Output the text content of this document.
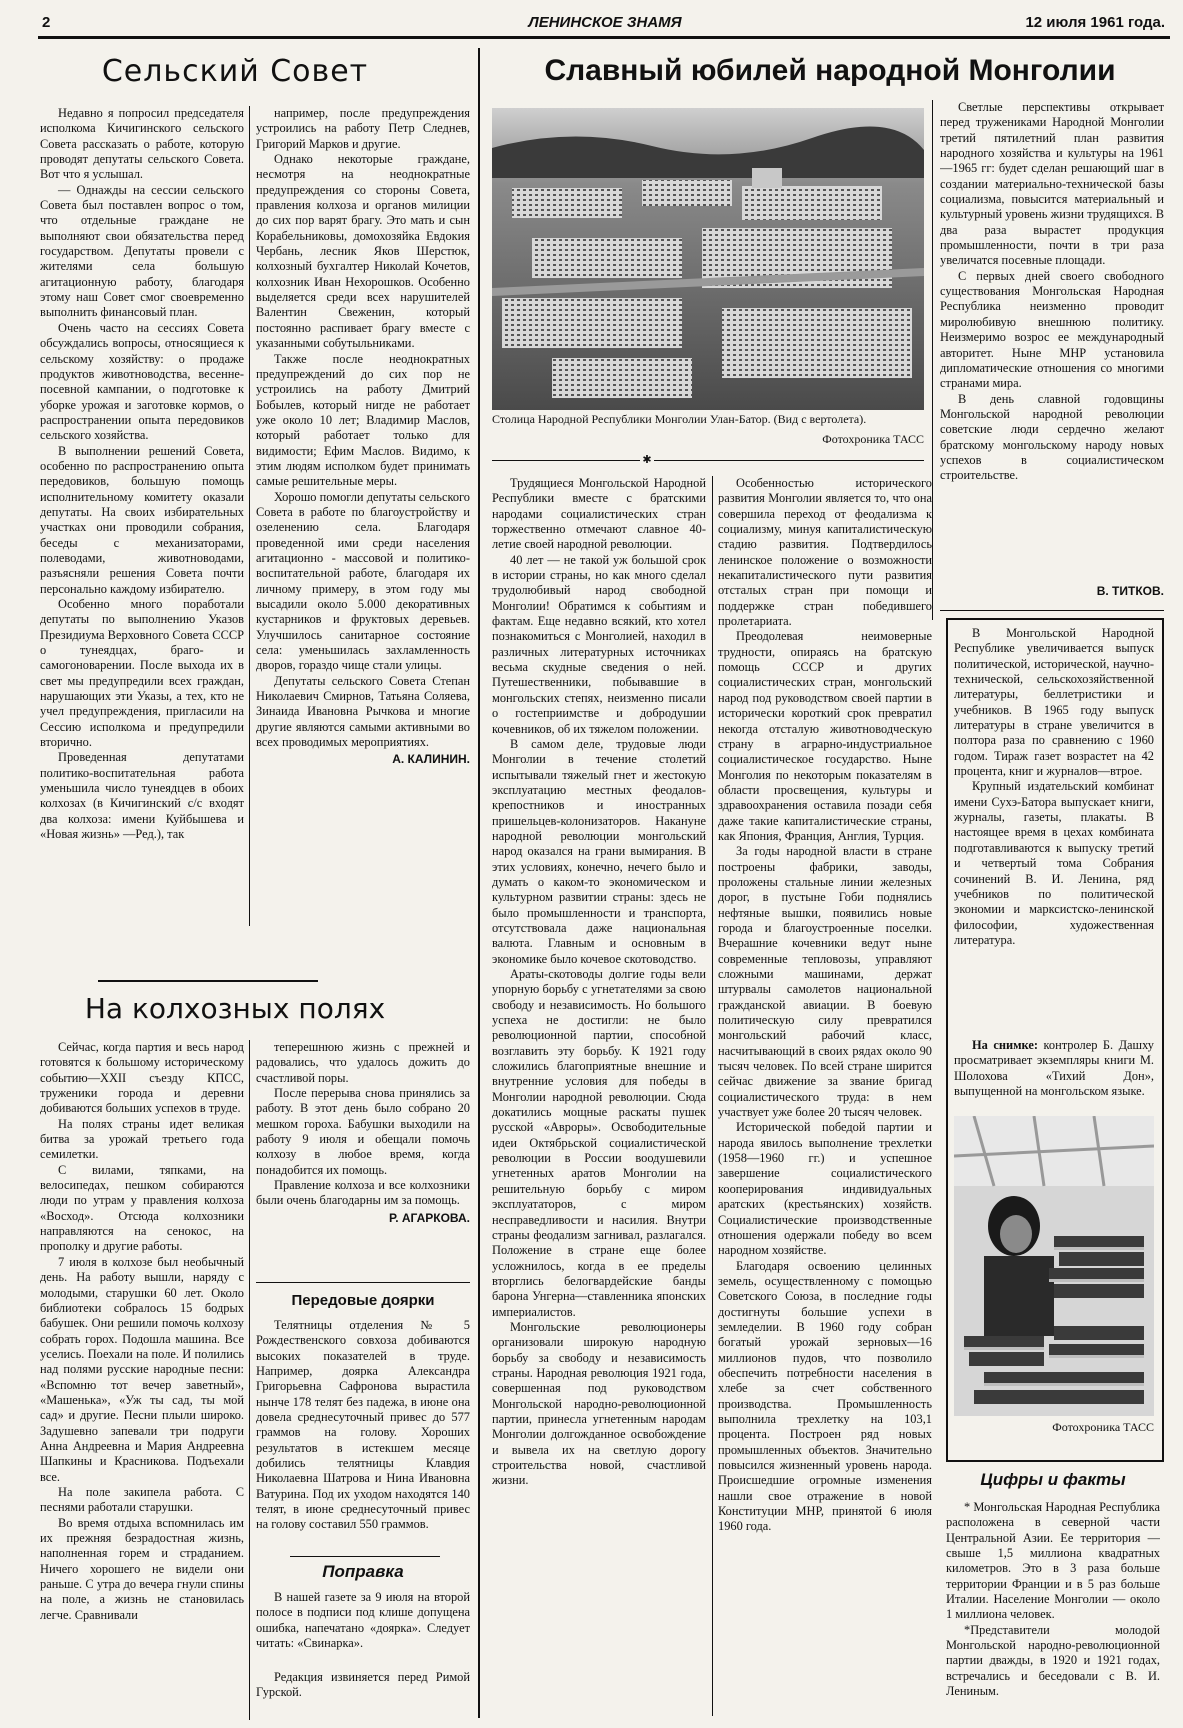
2	ЛЕНИНСКОЕ ЗНАМЯ	12 июля 1961 года.
Сельский Совет

Недавно я попросил председателя исполкома Кичигинского сельского Совета рассказать о работе, которую проводят депутаты сельского Совета. Вот что я услышал.

— Однажды на сессии сельского Совета был поставлен вопрос о том, что отдельные граждане не выполняют свои обязательства перед государством. Депутаты провели с жителями села большую агитационную работу, благодаря этому наш Совет смог своевременно выполнить финансовый план.

Очень часто на сессиях Совета обсуждались вопросы, относящиеся к сельскому хозяйству: о продаже продуктов животноводства, весенне-посевной кампании, о подготовке к уборке урожая и заготовке кормов, о распространении опыта передовиков сельского хозяйства.

В выполнении решений Совета, особенно по распространению опыта передовиков, большую помощь исполнительному комитету оказали депутаты. На своих избирательных участках они проводили собрания, беседы с механизаторами, полеводами, животноводами, разъясняли решения Совета почти персонально каждому избирателю.

Особенно много поработали депутаты по выполнению Указов Президиума Верховного Совета СССР о тунеядцах, браго- и самогоноварении. После выхода их в свет мы предупредили всех граждан, нарушающих эти Указы, а тех, кто не учел предупреждения, пригласили на Сессию исполкома и предупредили вторично.

Проведенная депутатами политико-воспитательная работа уменьшила число тунеядцев в обоих колхозах (в Кичигинский с/с входят два колхоза: имени Куйбышева и «Новая жизнь» —Ред.), так

например, после предупреждения устроились на работу Петр Следнев, Григорий Марков и другие.

Однако некоторые граждане, несмотря на неоднократные предупреждения со стороны Совета, правления колхоза и органов милиции до сих пор варят брагу. Это мать и сын Корабельниковы, домохозяйка Евдокия Чербань, лесник Яков Шерстюк, колхозный бухгалтер Николай Кочетов, колхозник Иван Нехорошков. Особенно выделяется среди всех нарушителей Валентин Свеженин, который постоянно распивает брагу вместе с указанными собутыльниками.

Также после неоднократных предупреждений до сих пор не устроились на работу Дмитрий Бобылев, который нигде не работает уже около 10 лет; Владимир Маслов, который работает только для видимости; Ефим Маслов. Видимо, к этим людям исполком будет принимать самые решительные меры.

Хорошо помогли депутаты сельского Совета в работе по благоустройству и озеленению села. Благодаря проведенной ими среди населения агитационно - массовой и политико-воспитательной работе, благодаря их личному примеру, в этом году мы высадили около 5.000 декоративных кустарников и фруктовых деревьев. Улучшилось санитарное состояние села: уменьшилась захламленность дворов, гораздо чище стали улицы.

Депутаты сельского Совета Степан Николаевич Смирнов, Татьяна Соляева, Зинаида Ивановна Рычкова и многие другие являются самыми активными во всех проводимых мероприятиях.

А. КАЛИНИН.
На колхозных полях

Сейчас, когда партия и весь народ готовятся к большому историческому событию—XXII съезду КПСС, труженики города и деревни добиваются больших успехов в труде.

На полях страны идет великая битва за урожай третьего года семилетки.

С вилами, тяпками, на велосипедах, пешком собираются люди по утрам у правления колхоза «Восход». Отсюда колхозники направляются на сенокос, на прополку и другие работы.

7 июля в колхозе был необычный день. На работу вышли, наряду с молодыми, старушки 60 лет. Около библиотеки собралось 15 бодрых бабушек. Они решили помочь колхозу собрать горох. Подошла машина. Все уселись. Поехали на поле. И полились над полями русские народные песни: «Вспомню тот вечер заветный», «Машенька», «Уж ты сад, ты мой сад» и другие. Песни плыли широко. Задушевно запевали три подруги Анна Андреевна и Мария Андреевна Шапкины и Красникова. Подъехали все.

На поле закипела работа. С песнями работали старушки.

Во время отдыха вспомнилась им их прежняя безрадостная жизнь, наполненная горем и страданием. Ничего хорошего не видели они раньше. С утра до вечера гнули спины на поле, а жизнь не становилась легче. Сравнивали

теперешнюю жизнь с прежней и радовались, что удалось дожить до счастливой поры.

После перерыва снова принялись за работу. В этот день было собрано 20 мешком гороха. Бабушки выходили на работу 9 июля и обещали помочь колхозу в любое время, когда понадобится их помощь.

Правление колхоза и все колхозники были очень благодарны им за помощь.

Р. АГАРКОВА.
Передовые доярки
Телятницы отделения № 5 Рождественского совхоза добиваются высоких показателей в труде. Например, доярка Александра Григорьевна Сафронова вырастила нынче 178 телят без падежа, в июне она довела среднесуточный привес до 577 граммов на голову. Хороших результатов в истекшем месяце добились телятницы Клавдия Николаевна Шатрова и Нина Ивановна Ватурина. Под их уходом находятся 140 телят, в июне среднесуточный привес на голову составил 550 граммов.
Поправка
В нашей газете за 9 июля на второй полосе в подписи под клише допущена ошибка, напечатано «доярка». Следует читать: «Свинарка».
Редакция извиняется перед Римой Гурской.
Славный юбилей народной Монголии
Столица Народной Республики Монголии Улан-Батор. (Вид с вертолета).
Фотохроника ТАСС

Светлые перспективы открывает перед тружениками Народной Монголии третий пятилетний план развития народного хозяйства и культуры на 1961—1965 гг: будет сделан решающий шаг в создании материально-технической базы социализма, повысится материальный и культурный уровень жизни трудящихся. В два раза вырастет продукция промышленности, почти в три раза увеличатся посевные площади.

С первых дней своего свободного существования Монгольская Народная Республика неизменно проводит миролюбивую внешнюю политику. Неизмеримо возрос ее международный авторитет. Ныне МНР установила дипломатические отношения со многими странами мира.

В день славной годовщины Монгольской народной революции советские люди сердечно желают братскому монгольскому народу новых успехов в социалистическом строительстве.

В. ТИТКОВ.
✱

Трудящиеся Монгольской Народной Республики вместе с братскими народами социалистических стран торжественно отмечают славное 40-летие своей народной революции.

40 лет — не такой уж большой срок в истории страны, но как много сделал трудолюбивый народ свободной Монголии! Обратимся к событиям и фактам. Еще недавно всякий, кто хотел познакомиться с Монголией, находил в различных литературных источниках весьма скудные сведения о ней. Путешественники, побывавшие в монгольских степях, неизменно писали о гостеприимстве и добродушии кочевников, об их тяжелом положении.

В самом деле, трудовые люди Монголии в течение столетий испытывали тяжелый гнет и жестокую эксплуатацию местных феодалов-крепостников и иностранных пришельцев-колонизаторов. Накануне народной революции монгольский народ оказался на грани вымирания. В этих условиях, конечно, нечего было и думать о каком-то экономическом и культурном развитии страны: здесь не было промышленности и транспорта, отсутствовала даже национальная валюта. Главным и основным в экономике было кочевое скотоводство.

Араты-скотоводы долгие годы вели упорную борьбу с угнетателями за свою свободу и независимость. Но большого успеха не достигли: не было революционной партии, способной возглавить эту борьбу. К 1921 году сложились благоприятные внешние и внутренние условия для победы в Монголии народной революции. Сюда докатились мощные раскаты пушек русской «Авроры». Освободительные идеи Октябрьской социалистической революции в России воодушевили угнетенных аратов Монголии на решительную борьбу с миром эксплуататоров, с миром несправедливости и насилия. Внутри страны феодализм загнивал, разлагался. Положение в стране еще более усложнилось, когда в ее пределы вторглись белогвардейские банды барона Унгерна—ставленника японских империалистов.

Монгольские революционеры организовали широкую народную борьбу за свободу и независимость страны. Народная революция 1921 года, совершенная под руководством Монгольской народно-революционной партии, принесла угнетенным народам Монголии долгожданное освобождение и вывела их на светлую дорогу строительства новой, счастливой жизни.

Особенностью исторического развития Монголии является то, что она совершила переход от феодализма к социализму, минуя капиталистическую стадию развития. Подтвердилось ленинское положение о возможности некапиталистического пути развития отсталых стран при помощи и поддержке стран победившего пролетариата.

Преодолевая неимоверные трудности, опираясь на братскую помощь СССР и других социалистических стран, монгольский народ под руководством своей партии в исторически короткий срок превратил некогда отсталую животноводческую страну в аграрно-индустриальное социалистическое государство. Ныне Монголия по некоторым показателям в области просвещения, культуры и здравоохранения оставила позади себя даже такие капиталистические страны, как Япония, Франция, Англия, Турция.

За годы народной власти в стране построены фабрики, заводы, проложены стальные линии железных дорог, в пустыне Гоби поднялись нефтяные вышки, появились новые города и благоустроенные поселки. Вчерашние кочевники ведут ныне современные тепловозы, управляют сложными машинами, держат штурвалы самолетов национальной гражданской авиации. В боевую политическую силу превратился монгольский рабочий класс, насчитывающий в своих рядах около 90 тысяч человек. По всей стране ширится сейчас движение за звание бригад социалистического труда: в нем участвует уже более 20 тысяч человек.

Исторической победой партии и народа явилось выполнение трехлетки (1958—1960 гг.) и успешное завершение социалистического кооперирования индивидуальных аратских (крестьянских) хозяйств. Социалистические производственные отношения одержали победу во всем народном хозяйстве.

Благодаря освоению целинных земель, осуществленному с помощью Советского Союза, в последние годы достигнуты большие успехи в земледелии. В 1960 году собран богатый урожай зерновых—16 миллионов пудов, что позволило обеспечить потребности населения в хлебе за счет собственного производства. Промышленность выполнила трехлетку на 103,1 процента. Построен ряд новых промышленных объектов. Значительно повысился жизненный уровень народа. Происшедшие огромные изменения нашли свое отражение в новой Конституции МНР, принятой 6 июля 1960 года.

В Монгольской Народной Республике увеличивается выпуск политической, исторической, научно-технической, сельскохозяйственной литературы, беллетристики и учебников. В 1965 году выпуск литературы в стране увеличится в полтора раза по сравнению с 1960 годом. Тираж газет возрастет на 42 процента, книг и журналов—втрое.

Крупный издательский комбинат имени Сухэ-Батора выпускает книги, журналы, газеты, плакаты. В настоящее время в цехах комбината подготавливаются к выпуску третий и четвертый тома Собрания сочинений В. И. Ленина, ряд учебников по политической экономии и марксистско-ленинской философии, художественная литература.

На снимке: контролер Б. Дашху просматривает экземпляры книги М. Шолохова «Тихий Дон», выпущенной на монгольском языке.

Фотохроника ТАСС
Цифры и факты

* Монгольская Народная Республика расположена в северной части Центральной Азии. Ее территория — свыше 1,5 миллиона квадратных километров. Это в 3 раза больше территории Франции и в 5 раз больше Италии. Население Монголии — около 1 миллиона человек.

*Представители молодой Монгольской народно-революционной партии дважды, в 1920 и 1921 годах, встречались и беседовали с В. И. Лениным.
